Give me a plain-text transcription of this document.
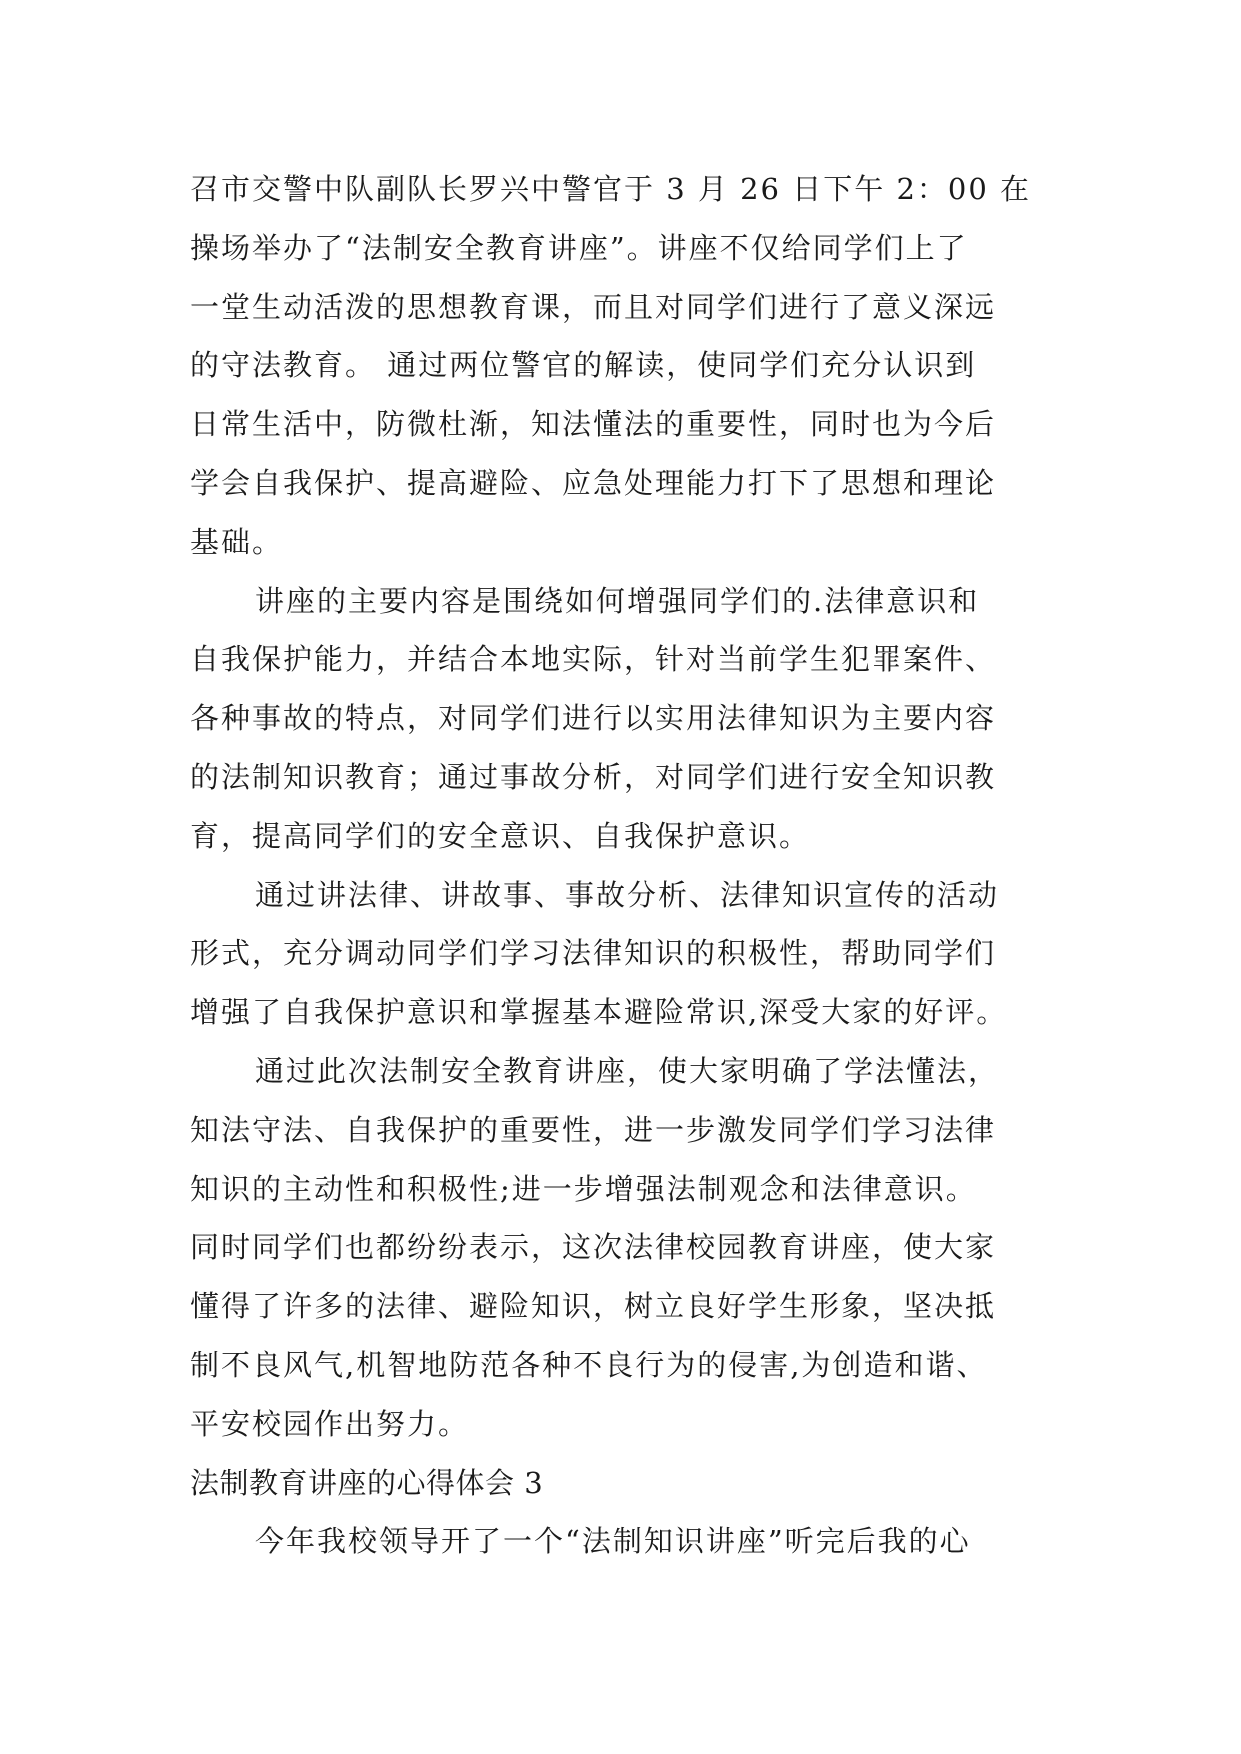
召市交警中队副队长罗兴中警官于 3 月 26 日下午 2：00 在
操场举办了“法制安全教育讲座”。讲座不仅给同学们上了
一堂生动活泼的思想教育课，而且对同学们进行了意义深远
的守法教育。 通过两位警官的解读，使同学们充分认识到
日常生活中，防微杜渐，知法懂法的重要性，同时也为今后
学会自我保护、提高避险、应急处理能力打下了思想和理论
基础。
讲座的主要内容是围绕如何增强同学们的.法律意识和
自我保护能力，并结合本地实际，针对当前学生犯罪案件、
各种事故的特点，对同学们进行以实用法律知识为主要内容
的法制知识教育；通过事故分析，对同学们进行安全知识教
育，提高同学们的安全意识、自我保护意识。
通过讲法律、讲故事、事故分析、法律知识宣传的活动
形式，充分调动同学们学习法律知识的积极性，帮助同学们
增强了自我保护意识和掌握基本避险常识,深受大家的好评。
通过此次法制安全教育讲座，使大家明确了学法懂法，
知法守法、自我保护的重要性，进一步激发同学们学习法律
知识的主动性和积极性;进一步增强法制观念和法律意识。
同时同学们也都纷纷表示，这次法律校园教育讲座，使大家
懂得了许多的法律、避险知识，树立良好学生形象，坚决抵
制不良风气,机智地防范各种不良行为的侵害,为创造和谐、
平安校园作出努力。
法制教育讲座的心得体会 3
今年我校领导开了一个“法制知识讲座”听完后我的心
